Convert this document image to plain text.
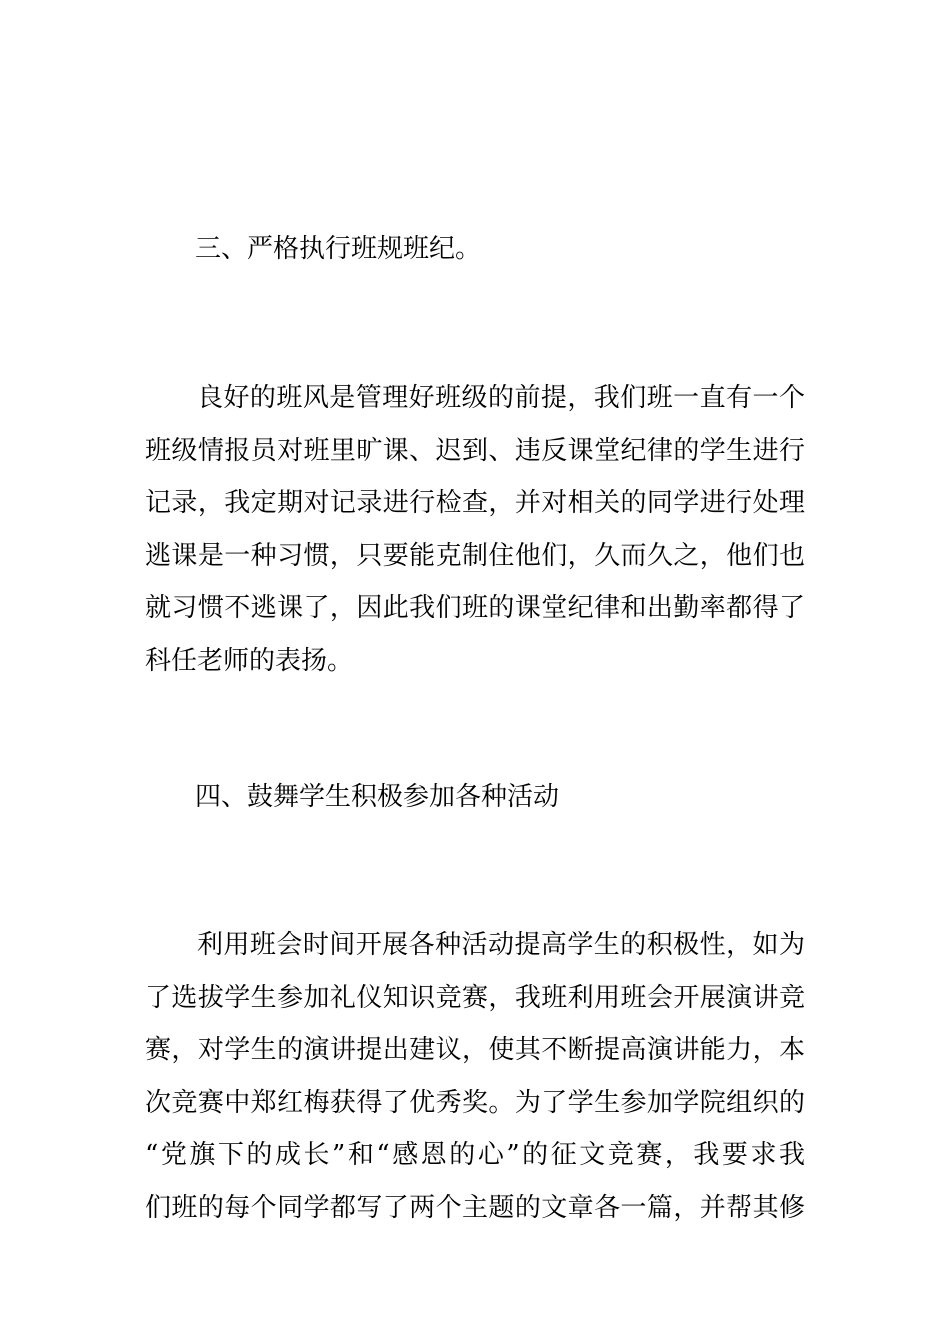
三、严格执行班规班纪。
良好的班风是管理好班级的前提，我们班一直有一个
班级情报员对班里旷课、迟到、违反课堂纪律的学生进行
记录，我定期对记录进行检查，并对相关的同学进行处理
逃课是一种习惯，只要能克制住他们，久而久之，他们也
就习惯不逃课了，因此我们班的课堂纪律和出勤率都得了
科任老师的表扬。
四、鼓舞学生积极参加各种活动
利用班会时间开展各种活动提高学生的积极性，如为
了选拔学生参加礼仪知识竞赛，我班利用班会开展演讲竞
赛，对学生的演讲提出建议，使其不断提高演讲能力，本
次竞赛中郑红梅获得了优秀奖。为了学生参加学院组织的
“党旗下的成长”和“感恩的心”的征文竞赛，我要求我
们班的每个同学都写了两个主题的文章各一篇，并帮其修
